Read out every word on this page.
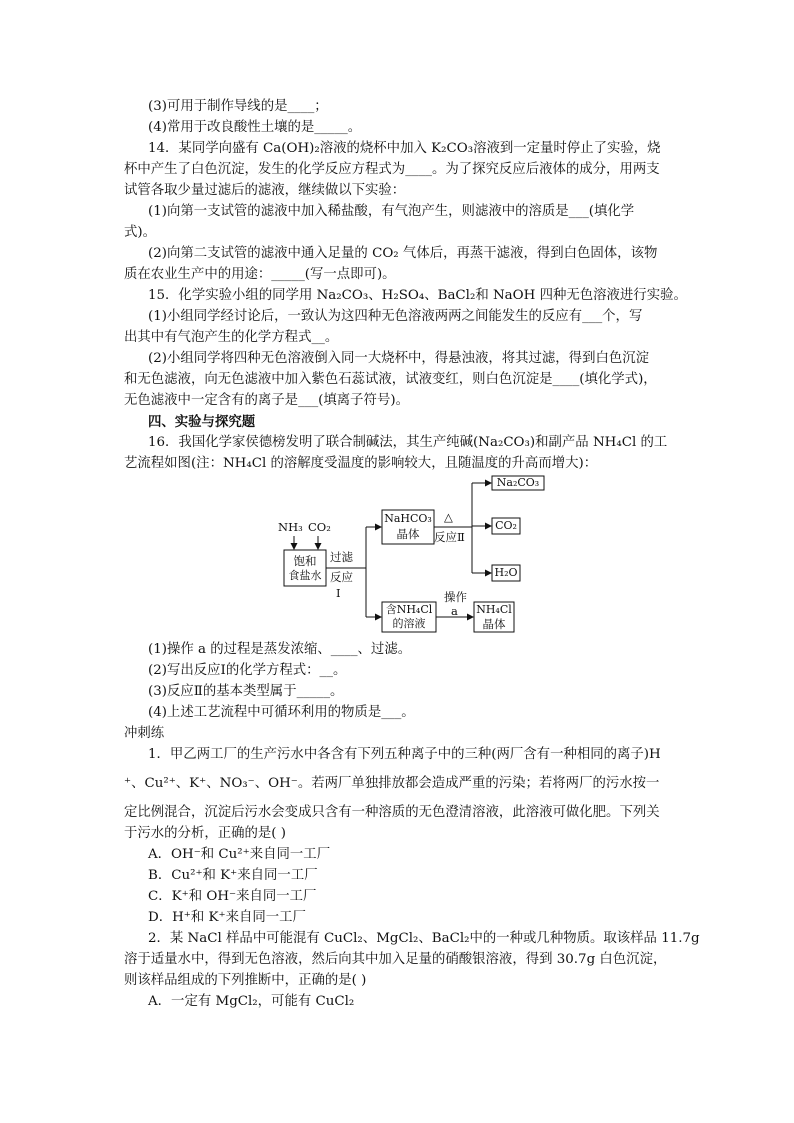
(3)可用于制作导线的是____；
(4)常用于改良酸性土壤的是_____。
14．某同学向盛有 Ca(OH)₂溶液的烧杯中加入 K₂CO₃溶液到一定量时停止了实验，烧
杯中产生了白色沉淀，发生的化学反应方程式为____。为了探究反应后液体的成分，用两支
试管各取少量过滤后的滤液，继续做以下实验：
(1)向第一支试管的滤液中加入稀盐酸，有气泡产生，则滤液中的溶质是___(填化学
式)。
(2)向第二支试管的滤液中通入足量的 CO₂ 气体后，再蒸干滤液，得到白色固体，该物
质在农业生产中的用途：_____(写一点即可)。
15．化学实验小组的同学用 Na₂CO₃、H₂SO₄、BaCl₂和 NaOH 四种无色溶液进行实验。
(1)小组同学经讨论后，一致认为这四种无色溶液两两之间能发生的反应有___个，写
出其中有气泡产生的化学方程式__。
(2)小组同学将四种无色溶液倒入同一大烧杯中，得悬浊液，将其过滤，得到白色沉淀
和无色滤液，向无色滤液中加入紫色石蕊试液，试液变红，则白色沉淀是____(填化学式)，
无色滤液中一定含有的离子是___(填离子符号)。
四、实验与探究题
16．我国化学家侯德榜发明了联合制碱法，其生产纯碱(Na₂CO₃)和副产品 NH₄Cl 的工
艺流程如图(注：NH₄Cl 的溶解度受温度的影响较大，且随温度的升高而增大)：
NH₃ CO₂
饱和
食盐水
过滤
反应
Ⅰ
NaHCO₃
晶体
△
反应Ⅱ
Na₂CO₃
CO₂
H₂O
含NH₄Cl
的溶液
操作
a NH₄Cl
晶体
(1)操作 a 的过程是蒸发浓缩、____、过滤。
(2)写出反应Ⅰ的化学方程式：__。
(3)反应Ⅱ的基本类型属于_____。
(4)上述工艺流程中可循环利用的物质是___。
冲刺练
1．甲乙两工厂的生产污水中各含有下列五种离子中的三种(两厂含有一种相同的离子)H
⁺、Cu²⁺、K⁺、NO₃⁻、OH⁻。若两厂单独排放都会造成严重的污染；若将两厂的污水按一
定比例混合，沉淀后污水会变成只含有一种溶质的无色澄清溶液，此溶液可做化肥。下列关
于污水的分析，正确的是( )
A．OH⁻和 Cu²⁺来自同一工厂
B．Cu²⁺和 K⁺来自同一工厂
C．K⁺和 OH⁻来自同一工厂
D．H⁺和 K⁺来自同一工厂
2．某 NaCl 样品中可能混有 CuCl₂、MgCl₂、BaCl₂中的一种或几种物质。取该样品 11.7g
溶于适量水中，得到无色溶液，然后向其中加入足量的硝酸银溶液，得到 30.7g 白色沉淀，
则该样品组成的下列推断中，正确的是( )
A．一定有 MgCl₂，可能有 CuCl₂
